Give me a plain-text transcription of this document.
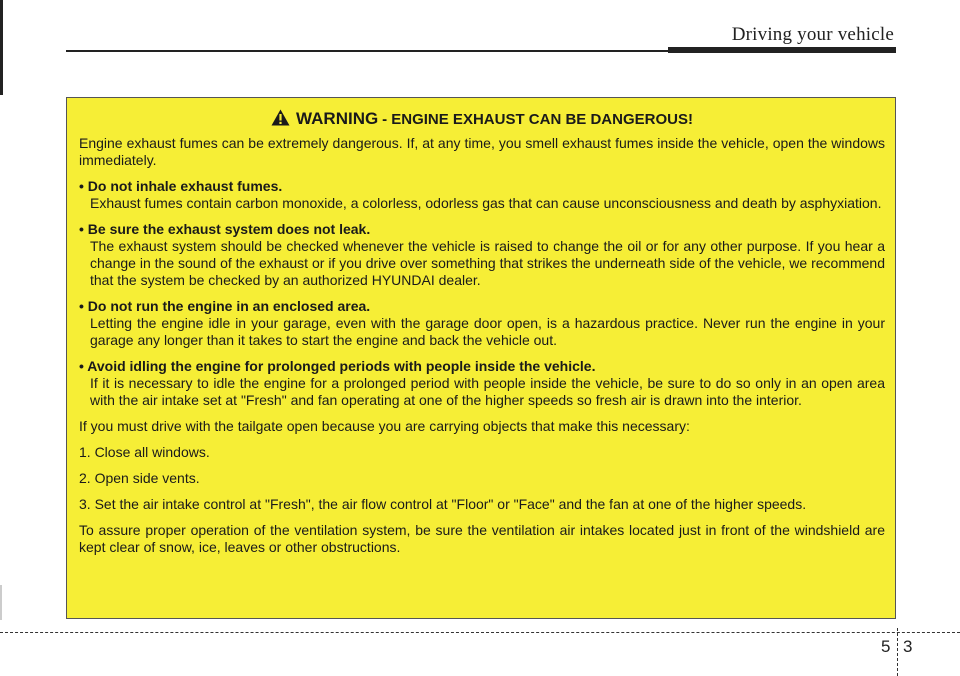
Driving your vehicle
WARNING - ENGINE EXHAUST CAN BE DANGEROUS!

Engine exhaust fumes can be extremely dangerous. If, at any time, you smell exhaust fumes inside the vehicle, open the windows immediately.

• Do not inhale exhaust fumes.

Exhaust fumes contain carbon monoxide, a colorless, odorless gas that can cause unconsciousness and death by asphyxiation.

• Be sure the exhaust system does not leak.

The exhaust system should be checked whenever the vehicle is raised to change the oil or for any other purpose. If you hear a change in the sound of the exhaust or if you drive over something that strikes the underneath side of the vehicle, we recommend that the system be checked by an authorized HYUNDAI dealer.

• Do not run the engine in an enclosed area.

Letting the engine idle in your garage, even with the garage door open, is a hazardous practice. Never run the engine in your garage any longer than it takes to start the engine and back the vehicle out.

• Avoid idling the engine for prolonged periods with people inside the vehicle.

If it is necessary to idle the engine for a prolonged period with people inside the vehicle, be sure to do so only in an open area with the air intake set at "Fresh" and fan operating at one of the higher speeds so fresh air is drawn into the interior.

If you must drive with the tailgate open because you are carrying objects that make this necessary:

1. Close all windows.

2. Open side vents.

3. Set the air intake control at "Fresh", the air flow control at "Floor" or "Face" and the fan at one of the higher speeds.

To assure proper operation of the ventilation system, be sure the ventilation air intakes located just in front of the windshield are kept clear of snow, ice, leaves or other obstructions.

5 3
